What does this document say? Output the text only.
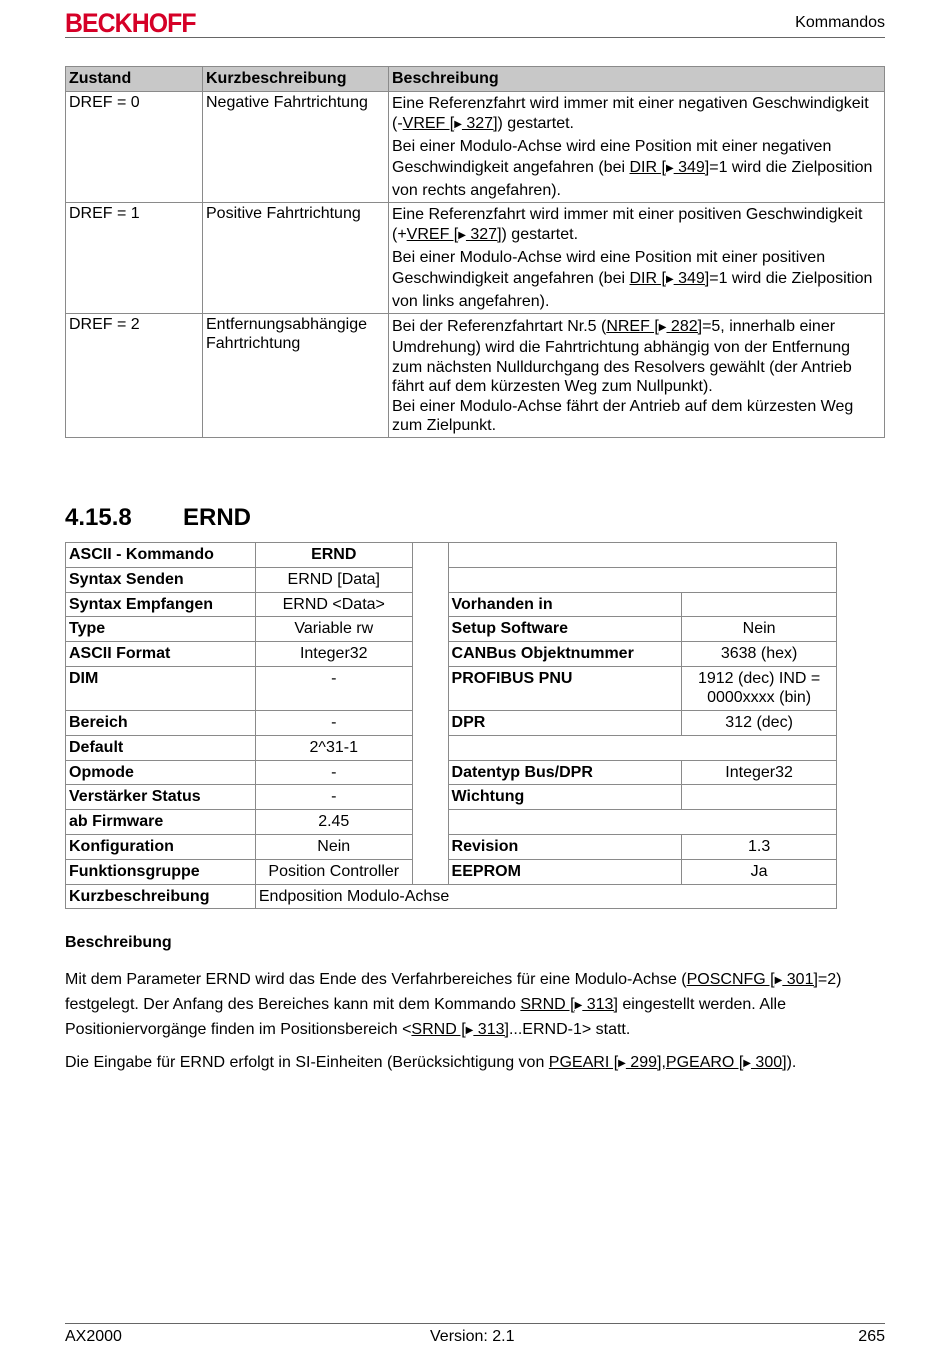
BECKHOFF	Kommandos
Zustand	Kurzbeschreibung	Beschreibung
DREF = 0	Negative Fahrtrichtung	Eine Referenzfahrt wird immer mit einer negativen Geschwindigkeit
(-VREF [▶ 327]) gestartet.
Bei einer Modulo-Achse wird eine Position mit einer negativen Geschwindigkeit angefahren (bei DIR [▶ 349]=1 wird die Zielposition von rechts angefahren).

DREF = 1	Positive Fahrtrichtung	Eine Referenzfahrt wird immer mit einer positiven Geschwindigkeit
(+VREF [▶ 327]) gestartet.
Bei einer Modulo-Achse wird eine Position mit einer positiven Geschwindigkeit angefahren (bei DIR [▶ 349]=1 wird die Zielposition von links angefahren).

DREF = 2	Entfernungsabhängige Fahrtrichtung	Bei der Referenzfahrtart Nr.5 (NREF [▶ 282]=5, innerhalb einer Umdrehung) wird die Fahrtrichtung abhängig von der Entfernung zum nächsten Nulldurchgang des Resolvers gewählt (der Antrieb fährt auf dem kürzesten Weg zum Nullpunkt).
Bei einer Modulo-Achse fährt der Antrieb auf dem kürzesten Weg zum Zielpunkt.
4.15.8 ERND
ASCII - Kommando	ERND			
Syntax Senden	ERND [Data]			
Syntax Empfangen	ERND <Data>		Vorhanden in	
Type	Variable rw		Setup Software	Nein
ASCII Format	Integer32		CANBus Objektnummer	3638 (hex)
DIM	-		PROFIBUS PNU	1912 (dec) IND = 0000xxxx (bin)
Bereich	-		DPR	312 (dec)
Default	2^31-1			
Opmode	-		Datentyp Bus/DPR	Integer32
Verstärker Status	-		Wichtung	
ab Firmware	2.45			
Konfiguration	Nein		Revision	1.3
Funktionsgruppe	Position Controller		EEPROM	Ja
Kurzbeschreibung	Endposition Modulo-Achse			
Beschreibung
Mit dem Parameter ERND wird das Ende des Verfahrbereiches für eine Modulo-Achse (POSCNFG [▶ 301]=2) festgelegt. Der Anfang des Bereiches kann mit dem Kommando SRND [▶ 313] eingestellt werden. Alle Positioniervorgänge finden im Positionsbereich <SRND [▶ 313]...ERND-1> statt.
Die Eingabe für ERND erfolgt in SI-Einheiten (Berücksichtigung von PGEARI [▶ 299],PGEARO [▶ 300]).
AX2000	Version: 2.1	265
